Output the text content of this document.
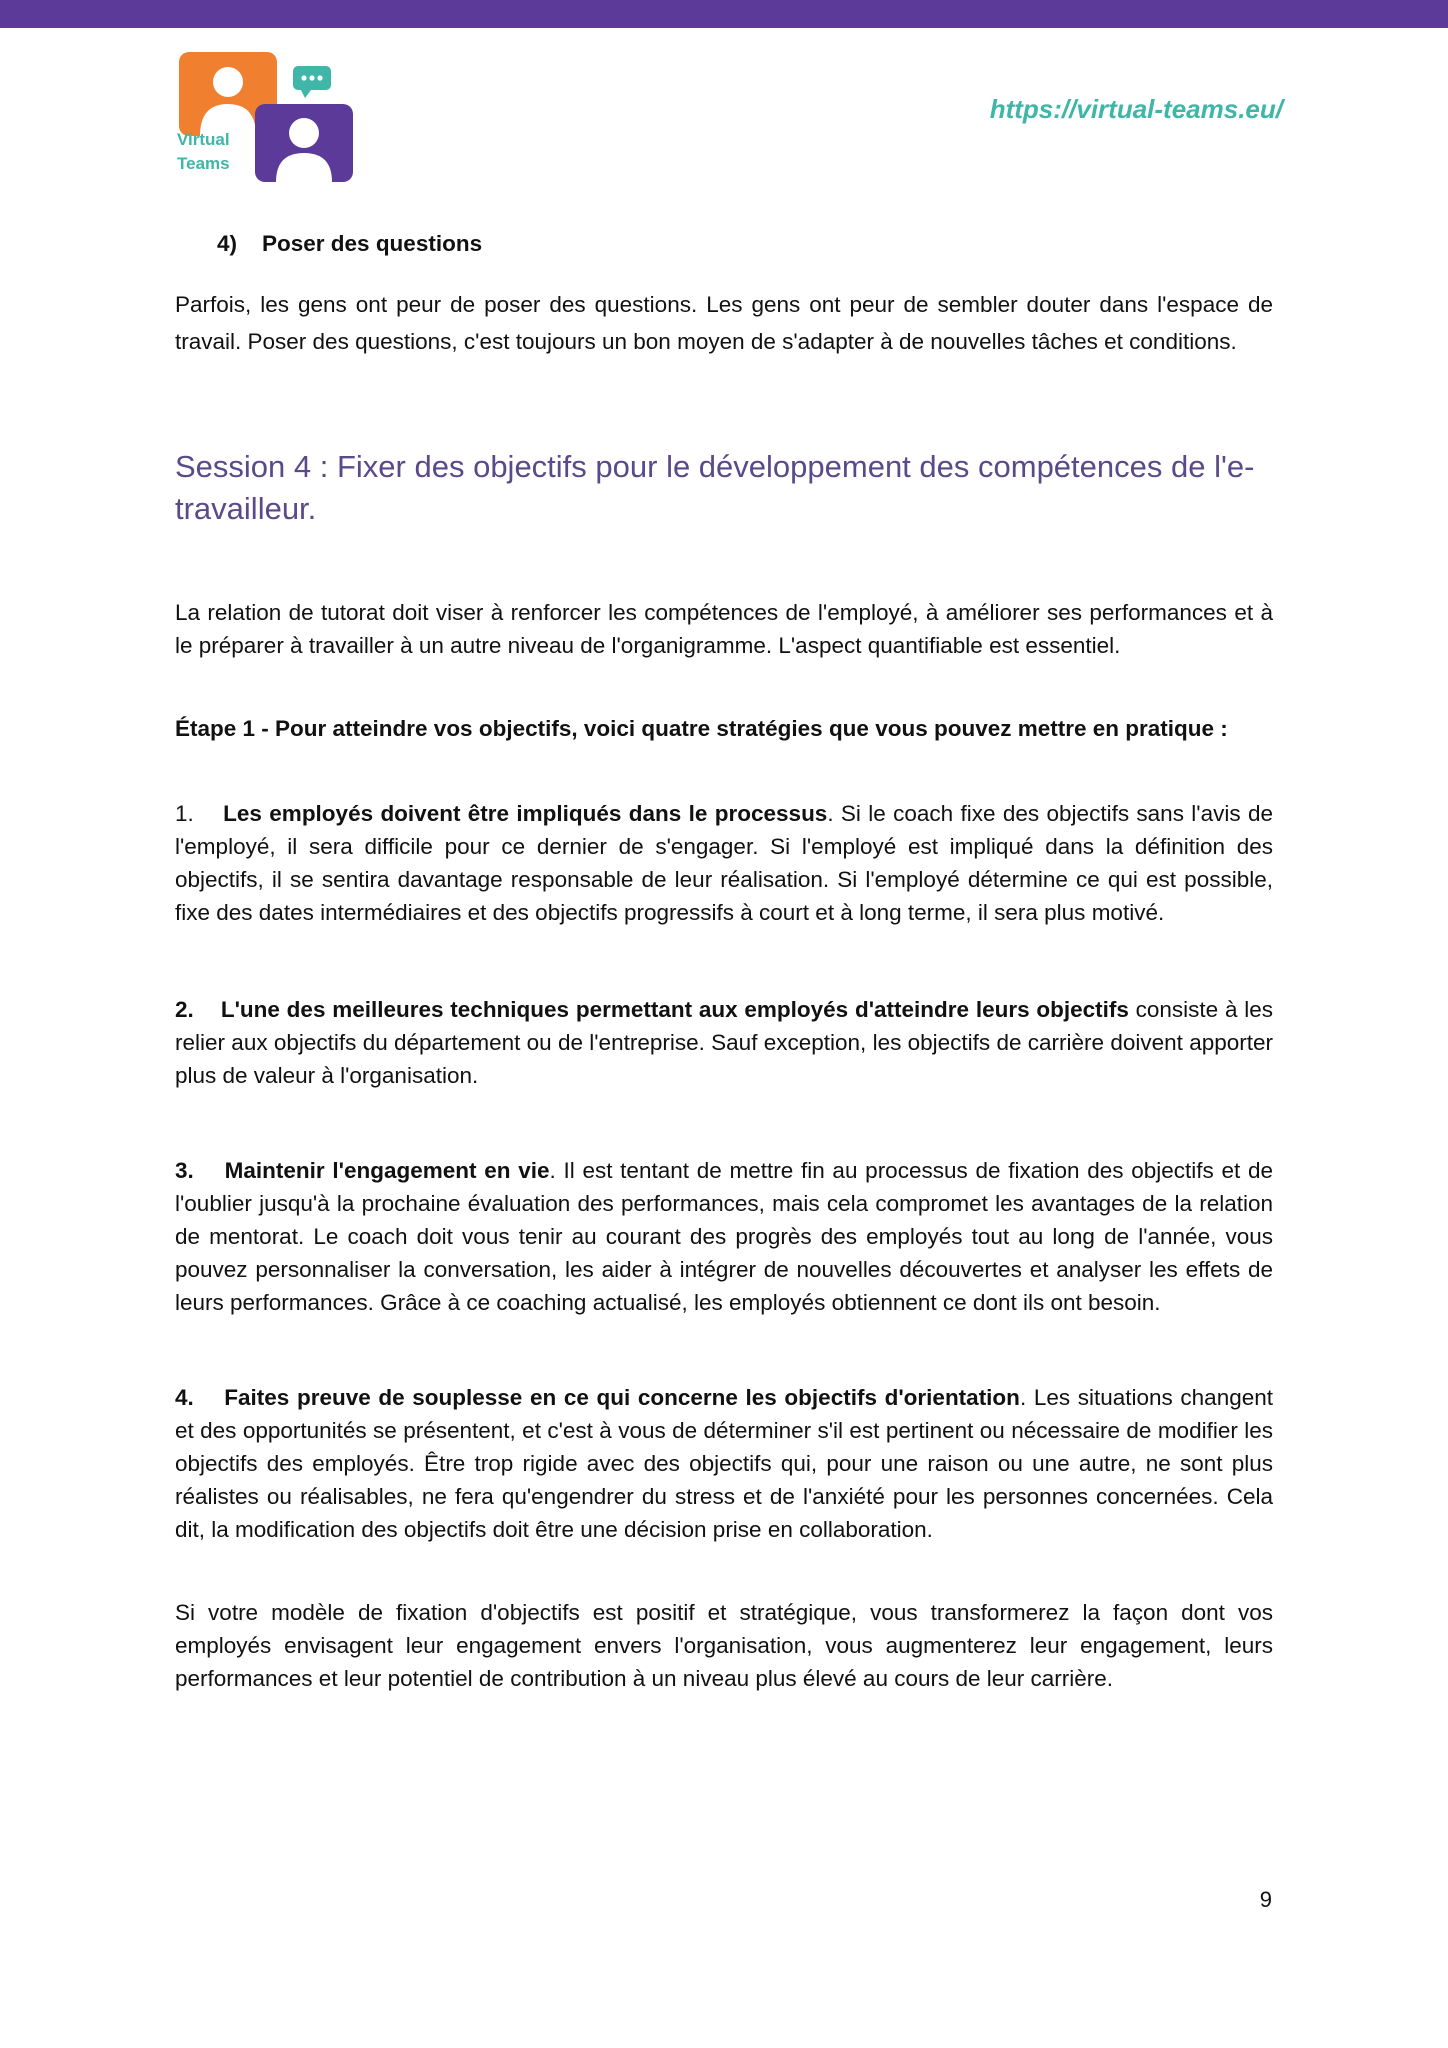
Virtual
Teams
https://virtual-teams.eu/

4)    Poser des questions

Parfois, les gens ont peur de poser des questions. Les gens ont peur de sembler douter dans l'espace de travail. Poser des questions, c'est toujours un bon moyen de s'adapter à de nouvelles tâches et conditions.

Session 4 : Fixer des objectifs pour le développement des compétences de l'e-travailleur.

La relation de tutorat doit viser à renforcer les compétences de l'employé, à améliorer ses performances et à le préparer à travailler à un autre niveau de l'organigramme. L'aspect quantifiable est essentiel.

Étape 1 - Pour atteindre vos objectifs, voici quatre stratégies que vous pouvez mettre en pratique :

1. Les employés doivent être impliqués dans le processus. Si le coach fixe des objectifs sans l'avis de l'employé, il sera difficile pour ce dernier de s'engager. Si l'employé est impliqué dans la définition des objectifs, il se sentira davantage responsable de leur réalisation. Si l'employé détermine ce qui est possible, fixe des dates intermédiaires et des objectifs progressifs à court et à long terme, il sera plus motivé.

2. L'une des meilleures techniques permettant aux employés d'atteindre leurs objectifs consiste à les relier aux objectifs du département ou de l'entreprise. Sauf exception, les objectifs de carrière doivent apporter plus de valeur à l'organisation.

3. Maintenir l'engagement en vie. Il est tentant de mettre fin au processus de fixation des objectifs et de l'oublier jusqu'à la prochaine évaluation des performances, mais cela compromet les avantages de la relation de mentorat. Le coach doit vous tenir au courant des progrès des employés tout au long de l'année, vous pouvez personnaliser la conversation, les aider à intégrer de nouvelles découvertes et analyser les effets de leurs performances. Grâce à ce coaching actualisé, les employés obtiennent ce dont ils ont besoin.

4. Faites preuve de souplesse en ce qui concerne les objectifs d'orientation. Les situations changent et des opportunités se présentent, et c'est à vous de déterminer s'il est pertinent ou nécessaire de modifier les objectifs des employés. Être trop rigide avec des objectifs qui, pour une raison ou une autre, ne sont plus réalistes ou réalisables, ne fera qu'engendrer du stress et de l'anxiété pour les personnes concernées. Cela dit, la modification des objectifs doit être une décision prise en collaboration.

Si votre modèle de fixation d'objectifs est positif et stratégique, vous transformerez la façon dont vos employés envisagent leur engagement envers l'organisation, vous augmenterez leur engagement, leurs performances et leur potentiel de contribution à un niveau plus élevé au cours de leur carrière.

9
